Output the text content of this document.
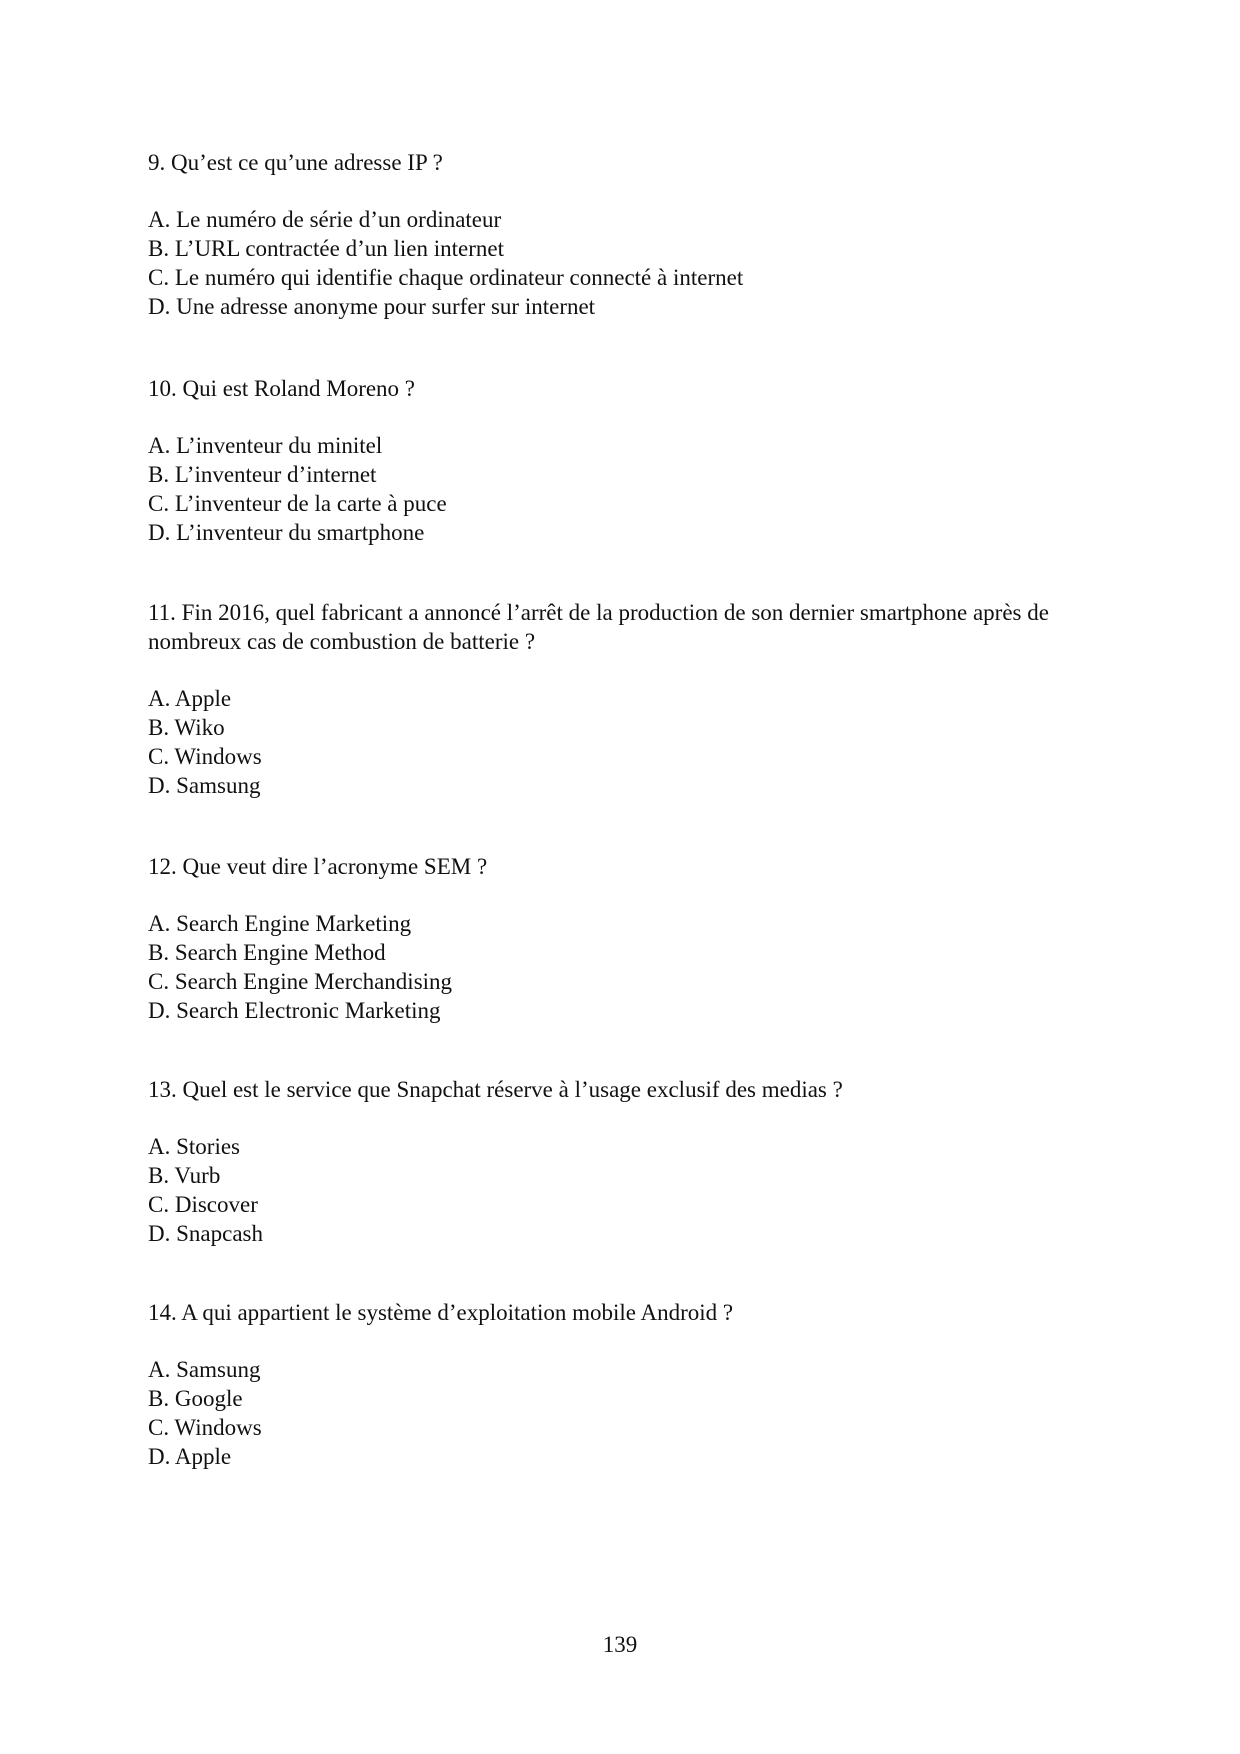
9. Qu’est ce qu’une adresse IP ?

A. Le numéro de série d’un ordinateur
B. L’URL contractée d’un lien internet
C. Le numéro qui identifie chaque ordinateur connecté à internet
D. Une adresse anonyme pour surfer sur internet

10. Qui est Roland Moreno ?

A. L’inventeur du minitel
B. L’inventeur d’internet
C. L’inventeur de la carte à puce
D. L’inventeur du smartphone

11. Fin 2016, quel fabricant a annoncé l’arrêt de la production de son dernier smartphone après de nombreux cas de combustion de batterie ?

A. Apple
B. Wiko
C. Windows
D. Samsung

12. Que veut dire l’acronyme SEM ?

A. Search Engine Marketing
B. Search Engine Method
C. Search Engine Merchandising
D. Search Electronic Marketing

13. Quel est le service que Snapchat réserve à l’usage exclusif des medias ?

A. Stories
B. Vurb
C. Discover
D. Snapcash

14. A qui appartient le système d’exploitation mobile Android ?

A. Samsung
B. Google
C. Windows
D. Apple
139
